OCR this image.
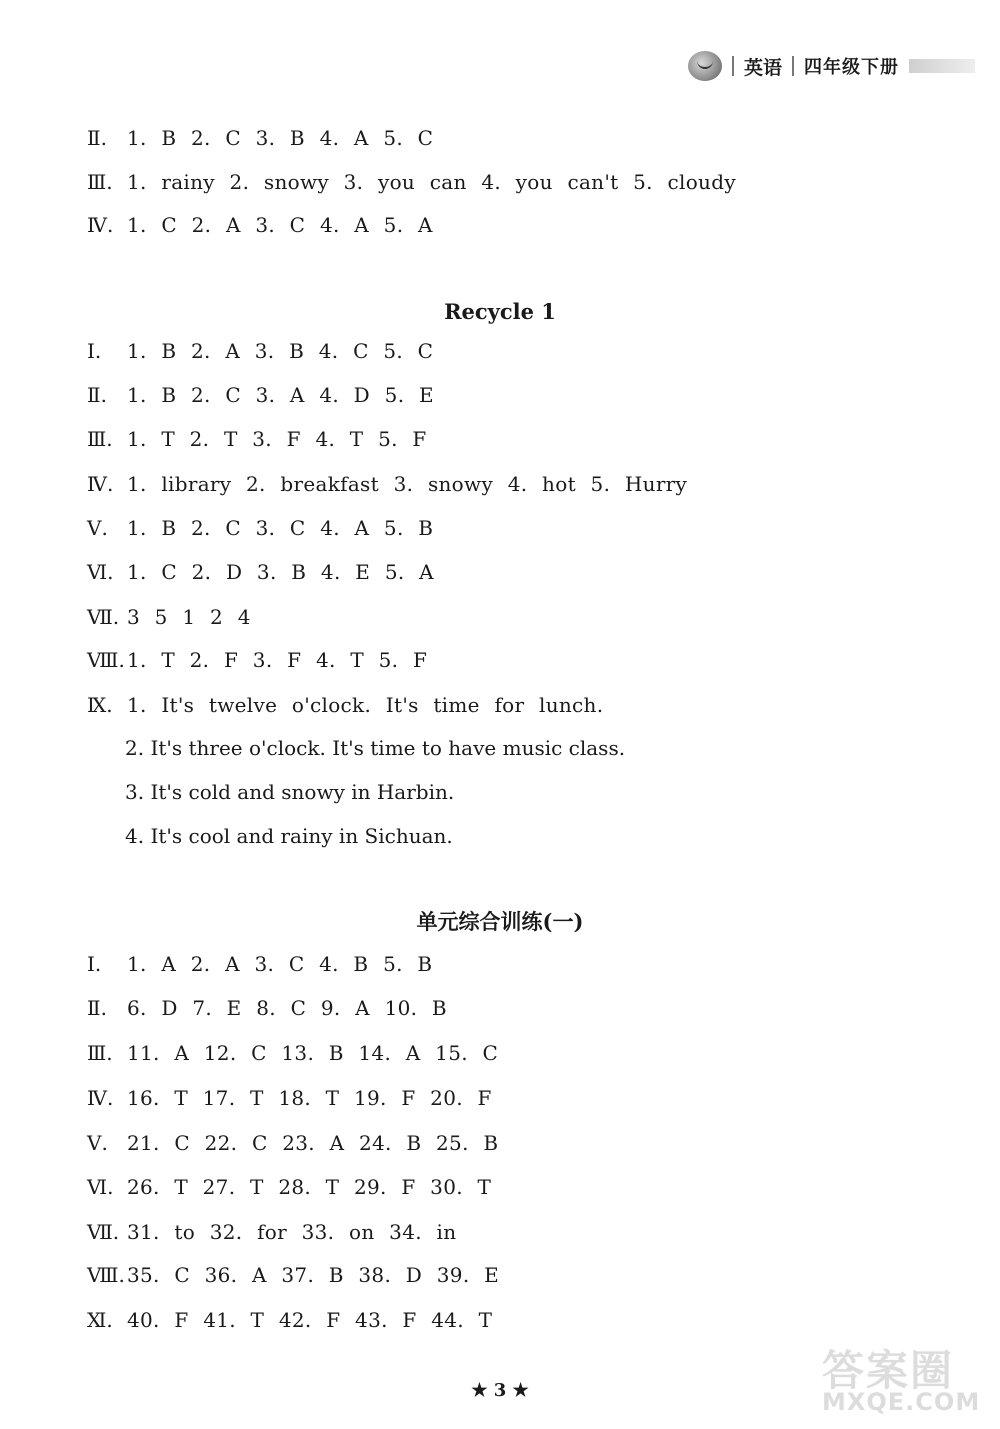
英语 四年级下册
Ⅱ. 1. B 2. C 3. B 4. A 5. C
Ⅲ. 1. rainy 2. snowy 3. you can 4. you can't 5. cloudy
Ⅳ. 1. C 2. A 3. C 4. A 5. A
Recycle 1
Ⅰ. 1. B 2. A 3. B 4. C 5. C
Ⅱ. 1. B 2. C 3. A 4. D 5. E
Ⅲ. 1. T 2. T 3. F 4. T 5. F
Ⅳ. 1. library 2. breakfast 3. snowy 4. hot 5. Hurry
Ⅴ. 1. B 2. C 3. C 4. A 5. B
Ⅵ. 1. C 2. D 3. B 4. E 5. A
Ⅶ. 3 5 1 2 4
Ⅷ. 1. T 2. F 3. F 4. T 5. F
Ⅸ. 1. It's twelve o'clock. It's time for lunch.
2. It's three o'clock. It's time to have music class.
3. It's cold and snowy in Harbin.
4. It's cool and rainy in Sichuan.
单元综合训练(一)
Ⅰ. 1. A 2. A 3. C 4. B 5. B
Ⅱ. 6. D 7. E 8. C 9. A 10. B
Ⅲ. 11. A 12. C 13. B 14. A 15. C
Ⅳ. 16. T 17. T 18. T 19. F 20. F
Ⅴ. 21. C 22. C 23. A 24. B 25. B
Ⅵ. 26. T 27. T 28. T 29. F 30. T
Ⅶ. 31. to 32. for 33. on 34. in
Ⅷ. 35. C 36. A 37. B 38. D 39. E
Ⅺ. 40. F 41. T 42. F 43. F 44. T
★ 3 ★	答案圈
MXQE.COM
